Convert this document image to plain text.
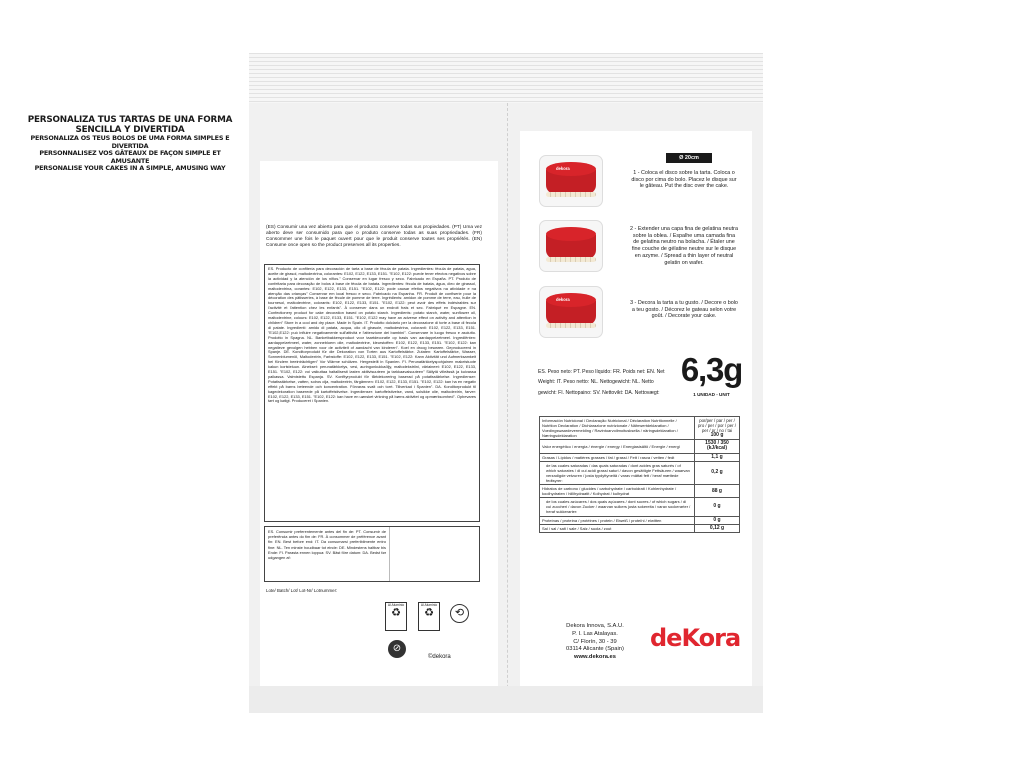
PERSONALIZA TUS TARTAS DE UNA FORMA SENCILLA Y DIVERTIDA
PERSONALIZA OS TEUS BOLOS DE UMA FORMA SIMPLES E DIVERTIDA
PERSONNALISEZ VOS GÂTEAUX DE FAÇON SIMPLE ET AMUSANTE
PERSONALISE YOUR CAKES IN A SIMPLE, AMUSING WAY
(ES) Consumir una vez abierto para que el producto conserve todas sus propiedades. (PT) Uma vez aberto deve ser consumido para que o produto conserve todas as suas propriedades. (FR) Consommer une fois le paquet ouvert pour que le produit conserve toutes ses propriétés. (EN) Consume once open so the product preserves all its properties.
ES. Producto de confitería para decoración de tarta a base de fécula de patata. Ingredientes: fécula de patata, agua, aceite de girasol, maltodextrina, colorantes: E102, E122, E133, E151. "E102, E122: puede tener efectos negativos sobre la actividad y la atención de los niños." Conservar en lugar fresco y seco. Fabricado en España. PT. Produto de confeitaria para decoração de bolos à base de fécula de batata. Ingredientes: fécula de batata, água, óleo de girassol, maltodextrina, corantes: E102, E122, E133, E151. "E102, E122: pode causar efeitos negativos na atividade e na atenção das crianças" Conservar em local fresco e seco. Fabricado na Espanha. FR. Produit de confiserie pour la décoration des pâtisseries, à base de fécule de pomme de terre. Ingrédients: amidon de pomme de terre, eau, huile de tournesol, maltodextrine, colorants: E102, E122, E133, E151. "E102, E122: peut avoir des effets indésirables sur l'activité et l'attention chez les enfants". À conserver dans un endroit frais et sec. Fabriqué en Espagne. EN. Confectionery product for cake decoration based on potato starch. Ingredients: potato starch, water, sunflower oil, maltodextrine, colours: E102, E122, E133, E151. "E102, E122 may have an adverse effect on activity and attention in children" Store in a cool and dry place. Made in Spain. IT. Prodotto dolciario per la decorazione di torte a base di fecola di patate. Ingredienti: amido di patata, acqua, olio di girasole, maltodestrina, coloranti: E102, E122, E133, E151. "E102,E122: può influire negativamente sull'attività e l'attenzione dei bambini". Conservare in luogo fresco e asciutto. Prodotto in Spagna. NL. Banketbakkersproduct voor taartdecoratie op basis van aardappelzetmeel. Ingrediënten: aardappelzetmeel, water, zonnebloem olie, maltodextrine, kleurstoffen: E102, E122, E133, E151. "E102, E122: kan negatieve gevolgen hebben voor de activiteit of aandacht van kinderen". Koel en droog bewaren. Geproduceerd in Spanje. DE. Konditorprodukt für die Dekoration von Torten aus Kartoffelstärke. Zutaten: Kartoffelstärke, Wasser, Sonnenblumenöl, Maltodextrin, Farbstoffe: E102, E122, E133, E151. "E102, E122: Kann Aktivität und Aufmerksamkeit bei Kindern beeinträchtigen" Vor Wärme schützen. Hergestellt in Spanien. FI. Perunatärkkelyspohjainen makeistuote kakun koristeluun. Ainekset: perunatärkkelys, vesi, auringonkukkaöljy, maltodekstriini, väriaineet: E102, E122, E133, E151. "E102, E122: voi vaikuttaa haitallisesti lasten aktiivisuuteen ja tarkkaavaisuuteen" Säilytä viileässä ja kuivassa paikassa. Valmistettu Espanja. SV. Konfityrprodukt för tårtdekorering baserad på potatisstärkelse. Ingredienser: Potatisstärkelse, vatten, solros olja, maltodextrin, färgämnen: E102, E122, E133, E151. "E102, E122: kan ha en negativ effekt på barns beteende och koncentration. Förvaras svalt och torrt. Tillverkad i Spanien". DA. Konditorprodukt til kagedekoration baserede på kartoffelstivelse. Ingredienser: kartoffelstivelse, vand, solsikke olie, maltodextrin, farver: E102, E122, E133, E151. "E102, E122: kan have en uønsket virkning på børns aktivitet og opmærksomhed". Opbevares tørt og køligt. Produceret i Spanien.
ES. Consumir preferentemente antes del fin de: PT. Consumir de preferência antes do fim de: FR. À consommer de préférence avant fin: EN. Best before end: IT. Da consumarsi preferibilmente entro fine: NL. Ten minste houdbaar tot einde: DE. Mindestens haltbar bis Ende: FI. Parasta ennen loppua: SV. Bäst före datum: DA. Bedst før udgangen af:
Lote/ Batch/ Lot/ Lot-Nr/ Lotnummer:
Al Aluminio
♻
Al Aluminio
♻	⟲
⊘
©dekora
Ø 20cm
dekora
dekora
1 - Coloca el disco sobre la tarta. Coloca o disco por cima do bolo. Placez le disque sur le gâteau. Put the disc over the cake.
2 - Extender una capa fina de gelatina neutra sobre la oblea. / Espalhe uma camada fina de gelatina neutro na bolacha. / Étaler une fine couche de gélatine neutre sur le disque en azyme. / Spread a thin layer of neutral gelatin on wafer.
3 - Decora la tarta a tu gusto. / Decore o bolo a teu gosto. / Décorez le gateau selon votre goût. / Decorate your cake.
ES. Peso neto: PT. Peso líquido: FR. Poids net: EN. Net Weight: IT. Peso netto: NL. Nettogewicht: NL. Netto gewicht: FI. Nettopaino: SV. Nettovikt: DA. Nettovægt:
6,3g
1 UNIDAD - UNIT
Información Nutricional / Declaração Nutricional / Déclaration Nutritionnelle / Nutrition Declaration / Dichiarazione nutrizionale / Nährwertdeklaration / Voedingswaardevermelding / Ravintoarvoilmoitusksella / näringsdeklaration / Næringsdeklaration	por/per / par / per / pro / per / por / per / per / pr / no / tai
100 g

Valor energético / energia / énergie / energy / Energiasisältö / Energie / energi	1530 / 350 (kJ/kcal)
Grasas / Lípidos / matières grasses / fat / grassi / Fett / rasva / vetten / fedt	1,1 g
de las cuales saturadas / das quais saturadas / dont acides gras saturés / of which saturates / di cui acidi grassi saturi / davon gesättigte Fettsäuren / waarvan verzadigde vetzuren / josta tyydyttyneitä / varav mättat fett / heraf mættede fedtsyrer:	0,2 g
Hidratos de carbono / glucides / carbohydrate / carboidrati / Kohlenhydrate / koolhydraten / hiilihydraatit / Kolhydrat / kulhydrat	88 g
de los cuales azúcares / dos quais açúcares / dont sucres / of which sugars / di cui zuccheri / davon Zucker / waarvan suikers josta sokereita / varav sockerarter / heraf sukkerarter:	0 g
Proteínas / proteína / protéines / protein / Eiweiß / proteïni / eiwitten	0 g
Sal / sal / salt / sale / Salz / suola / zout	0,12 g
Dekora Innova, S.A.U.
P. I. Las Atalayas.
C/ Florín, 30 - 39
03114 Alicante (Spain)
www.dekora.es
deKora
